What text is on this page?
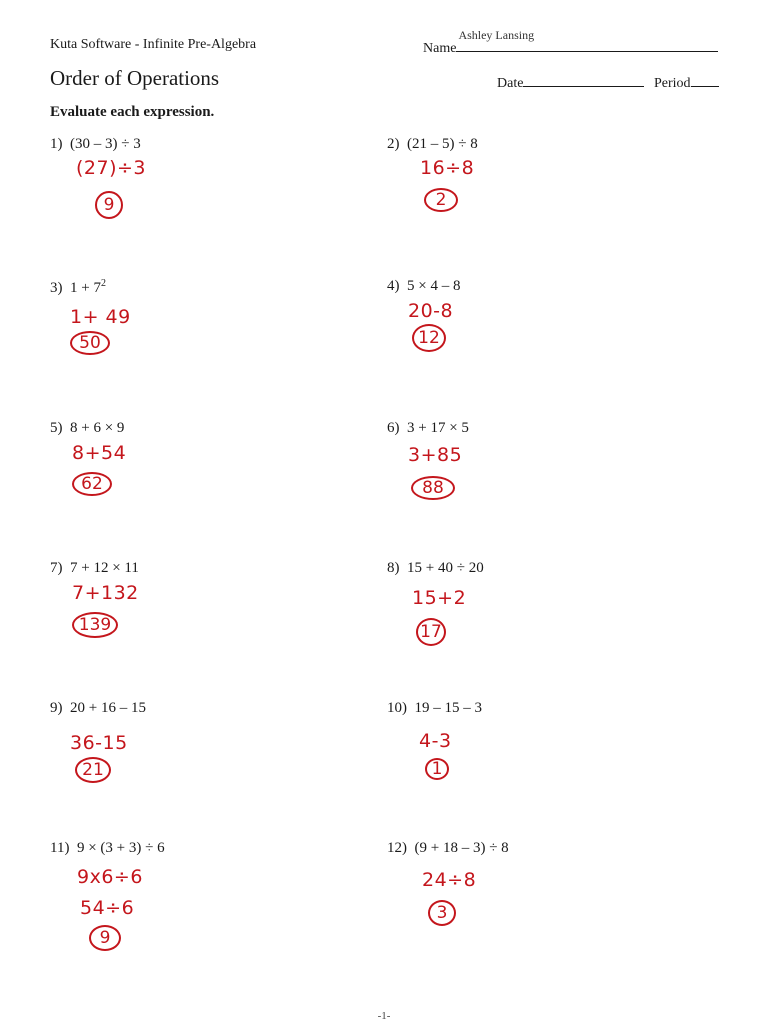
Kuta Software - Infinite Pre-Algebra	Name
Ashley Lansing
Order of Operations	Date	Period
Evaluate each expression.
1) (30 – 3) ÷ 3
(27)÷3
9
2) (21 – 5) ÷ 8
16÷8
2
3) $1 + 7^2$
1+ 49
50
4) 5 × 4 – 8
20-8
12
5) 8 + 6 × 9
8+54
62
6) 3 + 17 × 5
3+85
88
7) 7 + 12 × 11
7+132
139
8) 15 + 40 ÷ 20
15+2
17
9) 20 + 16 – 15
36-15
21
10) 19 – 15 – 3
4-3
1
11) 9 × (3 + 3) ÷ 6
9x6÷6
54÷6
9
12) (9 + 18 – 3) ÷ 8
24÷8
3
-1-
